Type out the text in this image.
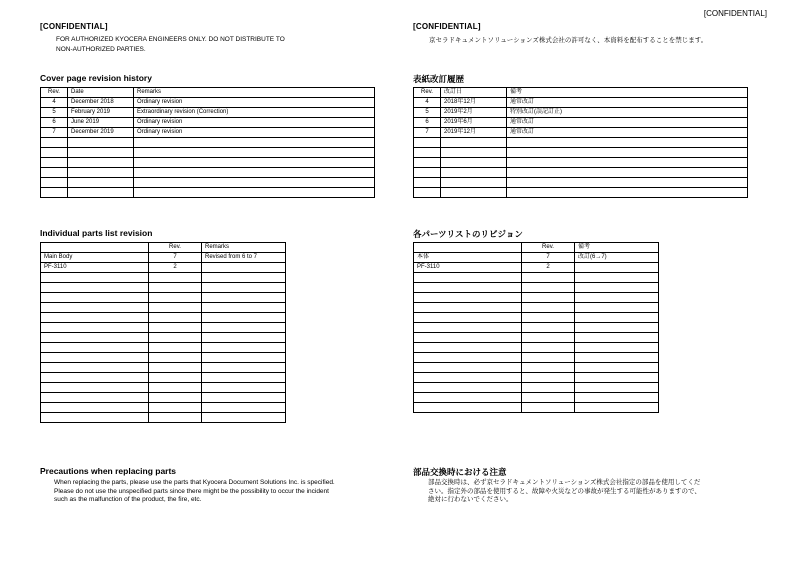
[CONFIDENTIAL]
[CONFIDENTIAL]
FOR AUTHORIZED KYOCERA ENGINEERS ONLY. DO NOT DISTRIBUTE TO
NON-AUTHORIZED PARTIES.
Cover page revision history
Rev.	Date	Remarks
4	December 2018	Ordinary revision
5	February 2019	Extraordinary revision (Correction)
6	June 2019	Ordinary revision
7	December 2019	Ordinary revision

Individual parts list revision
	Rev.	Remarks
Main Body	7	Revised from 6 to 7
PF-3110	2	

Precautions when replacing parts
When replacing the parts, please use the parts that Kyocera Document Solutions Inc. is specified.
Please do not use the unspecified parts since there might be the possibility to occur the incident
such as the malfunction of the product, the fire, etc.
[CONFIDENTIAL]
京セラドキュメントソリューションズ株式会社の許可なく、本資料を配布することを禁じます。
表紙改訂履歴
Rev.	改訂日	備考
4	2018年12月	通常改訂
5	2019年2月	特別改訂(誤記訂正)
6	2019年6月	通常改訂
7	2019年12月	通常改訂

各パーツリストのリビジョン
	Rev.	備考
本体	7	改訂(6→7)
PF-3110	2	

部品交換時における注意
部品交換時は、必ず京セラドキュメントソリューションズ株式会社指定の部品を使用してくだ
さい。指定外の部品を使用すると、故障や火災などの事故が発生する可能性がありますので、
絶対に行わないでください。
